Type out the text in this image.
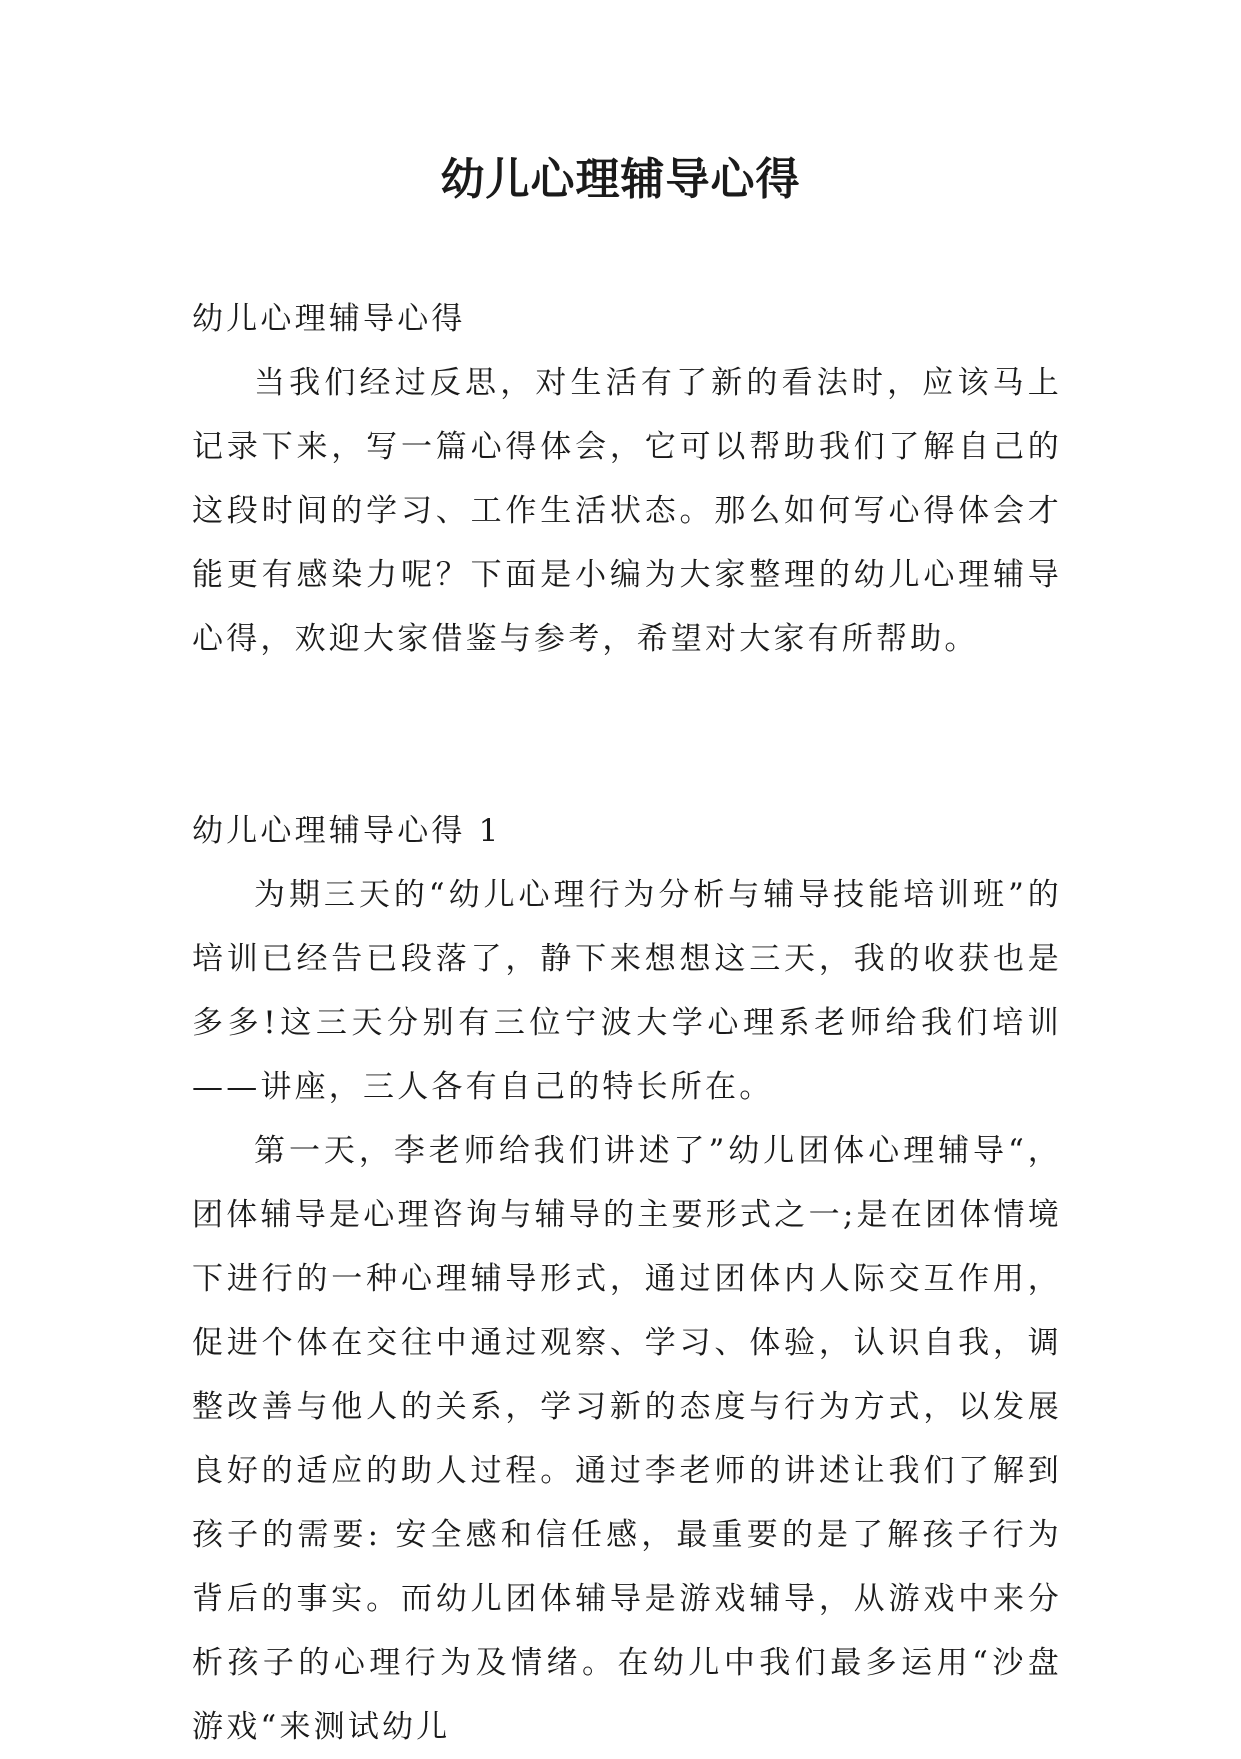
幼儿心理辅导心得

幼儿心理辅导心得

当我们经过反思，对生活有了新的看法时，应该马上记录下来，写一篇心得体会，它可以帮助我们了解自己的这段时间的学习、工作生活状态。那么如何写心得体会才能更有感染力呢？下面是小编为大家整理的幼儿心理辅导心得，欢迎大家借鉴与参考，希望对大家有所帮助。

幼儿心理辅导心得 1

为期三天的“幼儿心理行为分析与辅导技能培训班”的培训已经告已段落了，静下来想想这三天，我的收获也是多多!这三天分别有三位宁波大学心理系老师给我们培训——讲座，三人各有自己的特长所在。

第一天，李老师给我们讲述了”幼儿团体心理辅导“，团体辅导是心理咨询与辅导的主要形式之一;是在团体情境下进行的一种心理辅导形式，通过团体内人际交互作用，促进个体在交往中通过观察、学习、体验，认识自我，调整改善与他人的关系，学习新的态度与行为方式，以发展良好的适应的助人过程。通过李老师的讲述让我们了解到孩子的需要: 安全感和信任感，最重要的是了解孩子行为背后的事实。而幼儿团体辅导是游戏辅导，从游戏中来分析孩子的心理行为及情绪。在幼儿中我们最多运用“沙盘游戏“来测试幼儿
